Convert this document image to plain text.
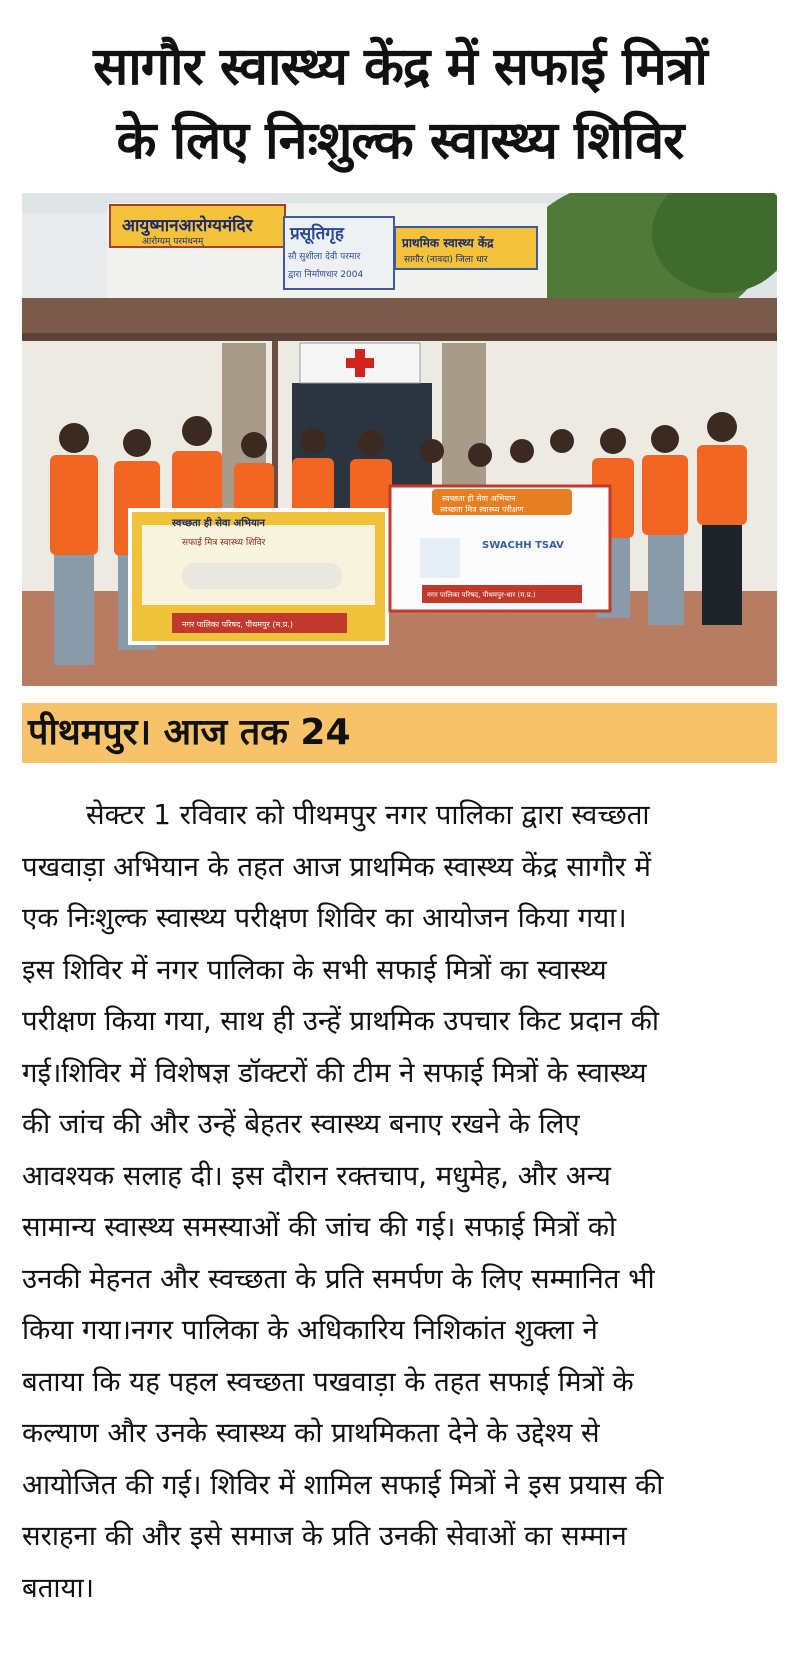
सागौर स्वास्थ्य केंद्र में सफाई मित्रों
के लिए निःशुल्क स्वास्थ्य शिविर
आयुष्मानआरोग्यमंदिर
आरोग्यम् परमंधनम्	प्रसूतिगृह
सौ सुशीला देवी परमार
द्वारा निर्माणधार 2004
प्राथमिक स्वास्थ्य केंद्र
सागौर (नावदा) जिला धार
स्वच्छता ही सेवा अभियान
सफाई मित्र स्वास्थ्य शिविर
नगर पालिका परिषद, पीथमपुर (म.प्र.)
स्वच्छता ही सेवा अभियान
स्वच्छता मित्र स्वास्थ्य परीक्षण
SWACHH TSAV
नगर पालिका परिषद, पीथमपुर-धार (म.प्र.)
पीथमपुर। आज तक 24
सेक्टर 1 रविवार को पीथमपुर नगर पालिका द्वारा स्वच्छता
पखवाड़ा अभियान के तहत आज प्राथमिक स्वास्थ्य केंद्र सागौर में
एक निःशुल्क स्वास्थ्य परीक्षण शिविर का आयोजन किया गया।
इस शिविर में नगर पालिका के सभी सफाई मित्रों का स्वास्थ्य
परीक्षण किया गया, साथ ही उन्हें प्राथमिक उपचार किट प्रदान की
गई।शिविर में विशेषज्ञ डॉक्टरों की टीम ने सफाई मित्रों के स्वास्थ्य
की जांच की और उन्हें बेहतर स्वास्थ्य बनाए रखने के लिए
आवश्यक सलाह दी। इस दौरान रक्तचाप, मधुमेह, और अन्य
सामान्य स्वास्थ्य समस्याओं की जांच की गई। सफाई मित्रों को
उनकी मेहनत और स्वच्छता के प्रति समर्पण के लिए सम्मानित भी
किया गया।नगर पालिका के अधिकारिय निशिकांत शुक्ला ने
बताया कि यह पहल स्वच्छता पखवाड़ा के तहत सफाई मित्रों के
कल्याण और उनके स्वास्थ्य को प्राथमिकता देने के उद्देश्य से
आयोजित की गई। शिविर में शामिल सफाई मित्रों ने इस प्रयास की
सराहना की और इसे समाज के प्रति उनकी सेवाओं का सम्मान
बताया।
